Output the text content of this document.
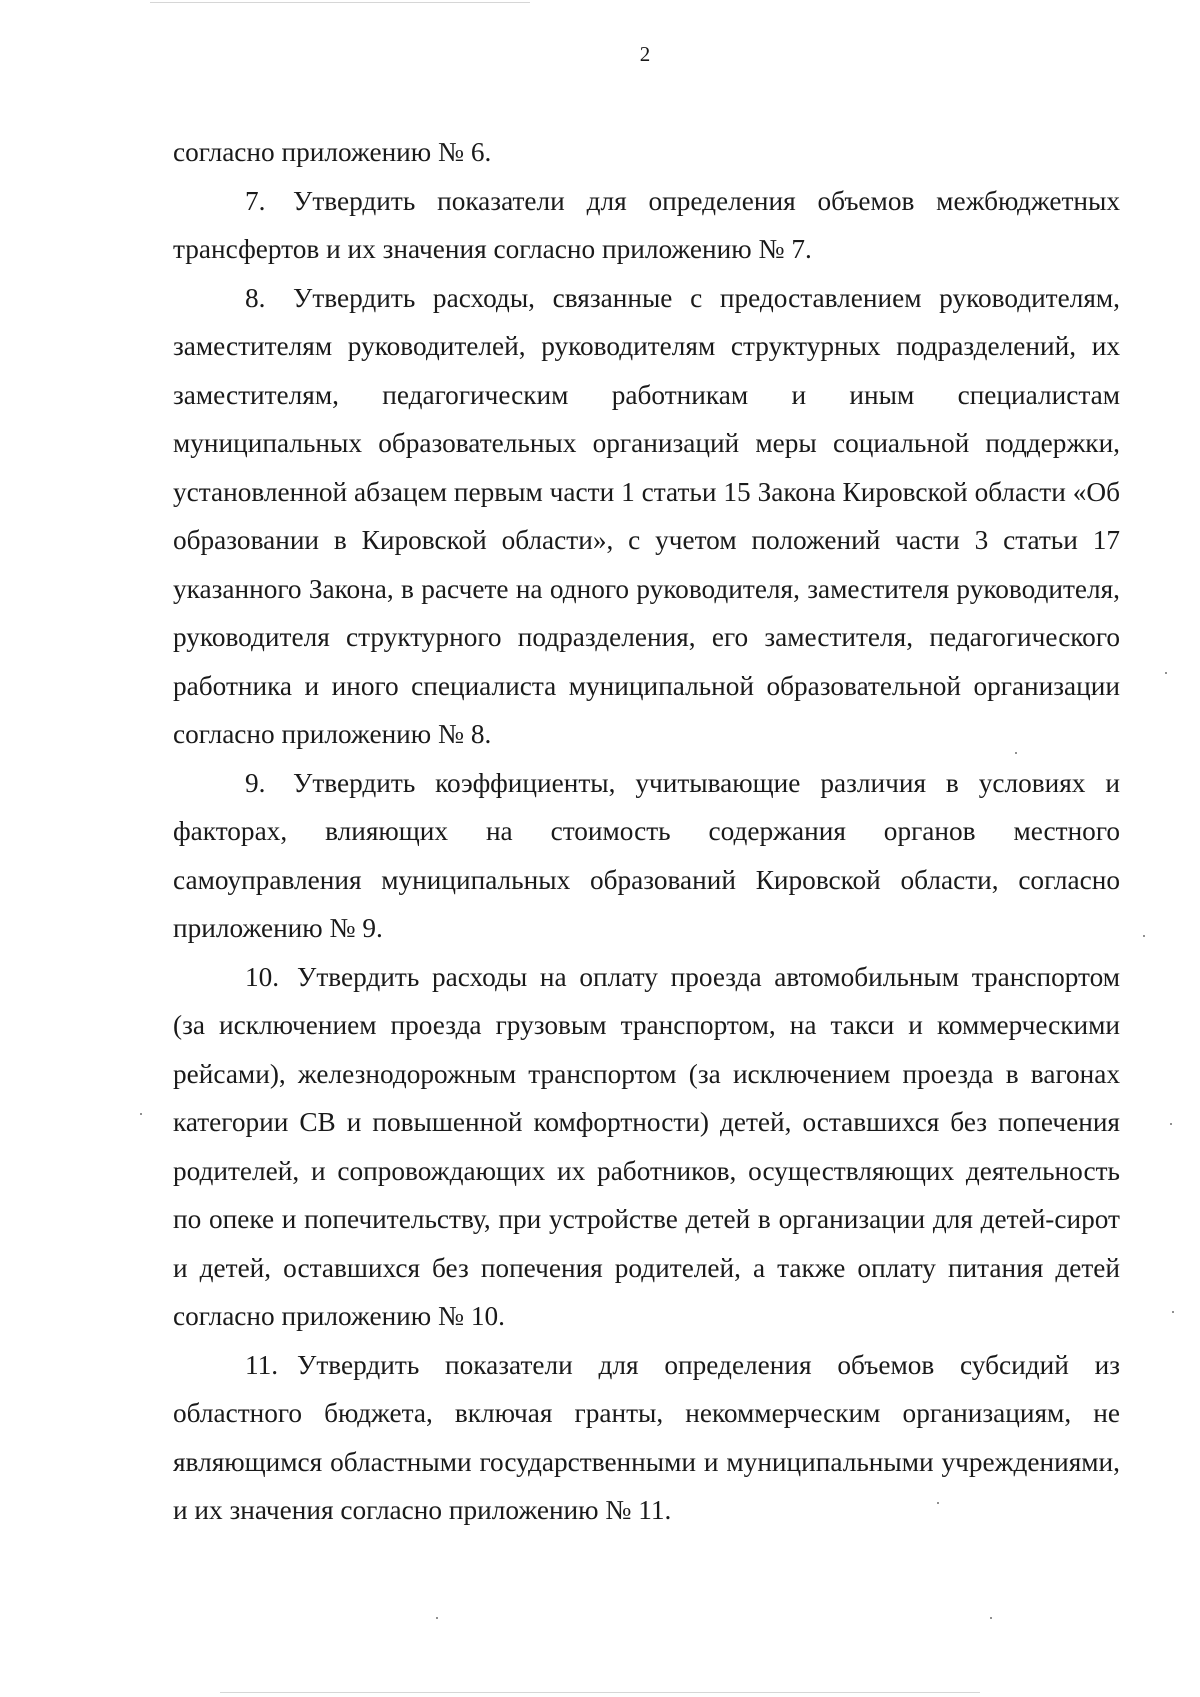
2

согласно приложению № 6.

7. Утвердить показатели для определения объемов межбюджетных трансфертов и их значения согласно приложению № 7.

8. Утвердить расходы, связанные с предоставлением руководителям, заместителям руководителей, руководителям структурных подразделений, их заместителям, педагогическим работникам и иным специалистам муниципальных образовательных организаций меры социальной поддержки, установленной абзацем первым части 1 статьи 15 Закона Кировской области «Об образовании в Кировской области», с учетом положений части 3 статьи 17 указанного Закона, в расчете на одного руководителя, заместителя руководителя, руководителя структурного подразделения, его заместителя, педагогического работника и иного специалиста муниципальной образовательной организации согласно приложению № 8.

9. Утвердить коэффициенты, учитывающие различия в условиях и факторах, влияющих на стоимость содержания органов местного самоуправления муниципальных образований Кировской области, согласно приложению № 9.

10. Утвердить расходы на оплату проезда автомобильным транспортом (за исключением проезда грузовым транспортом, на такси и коммерческими рейсами), железнодорожным транспортом (за исключением проезда в вагонах категории СВ и повышенной комфортности) детей, оставшихся без попечения родителей, и сопровождающих их работников, осуществляющих деятельность по опеке и попечительству, при устройстве детей в организации для детей-сирот и детей, оставшихся без попечения родителей, а также оплату питания детей согласно приложению № 10.

11. Утвердить показатели для определения объемов субсидий из областного бюджета, включая гранты, некоммерческим организациям, не являющимся областными государственными и муниципальными учреждениями, и их значения согласно приложению № 11.
